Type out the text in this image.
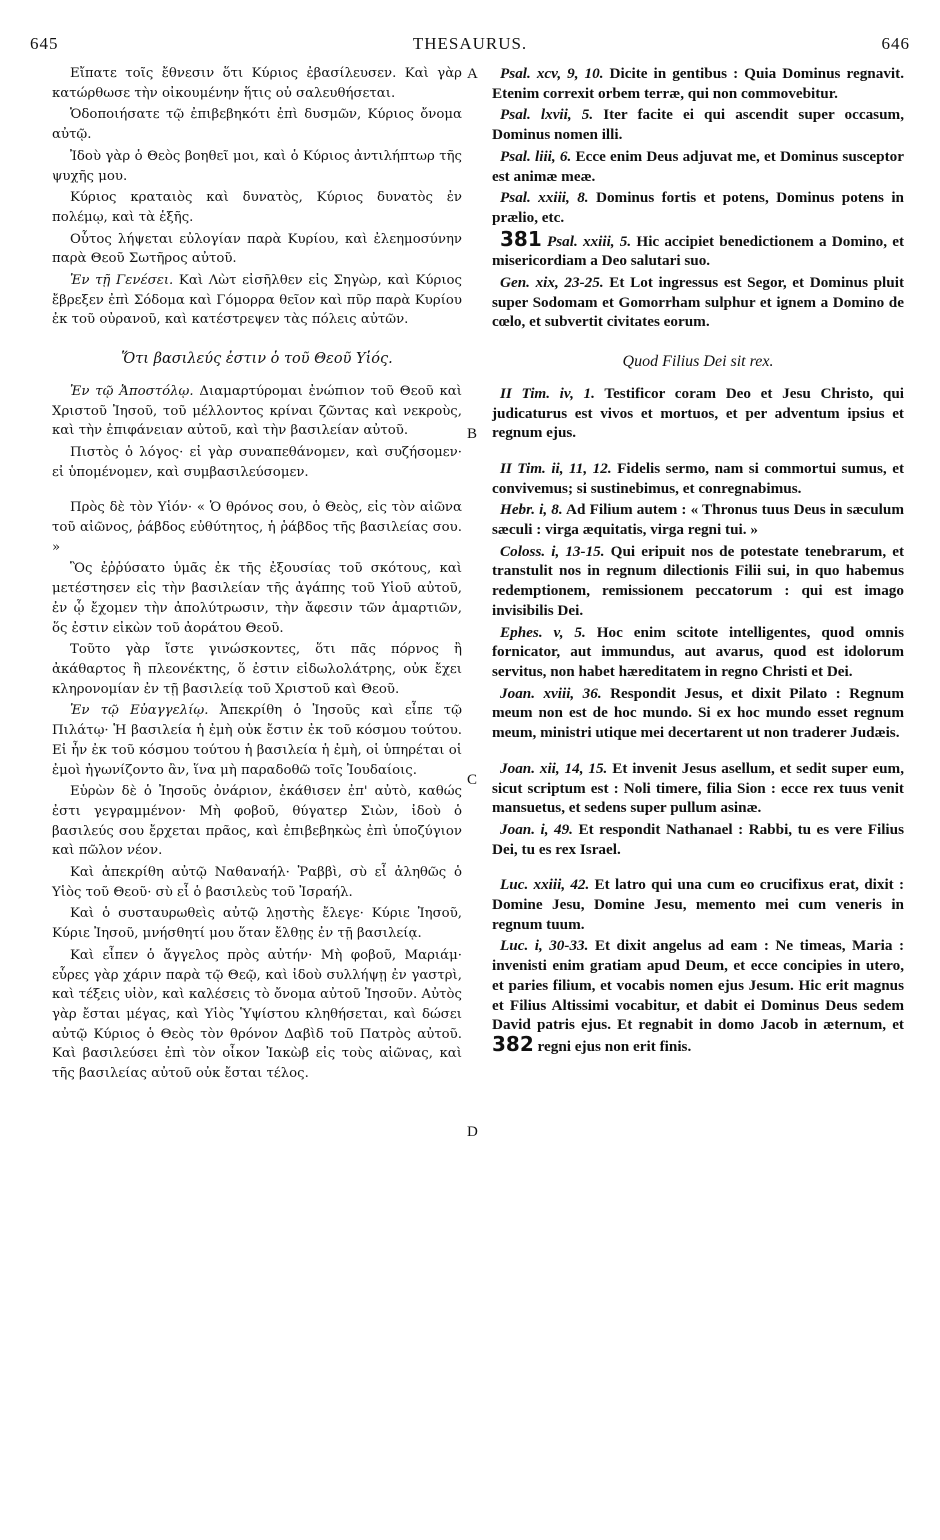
645	THESAURUS.	646
A
B
C
D

Εἴπατε τοῖς ἔθνεσιν ὅτι Κύριος ἐβασίλευσεν. Καὶ γὰρ κατώρθωσε τὴν οἰκουμένην ἥτις οὐ σαλευθήσεται.

Ὁδοποιήσατε τῷ ἐπιβεβηκότι ἐπὶ δυσμῶν, Κύριος ὄνομα αὐτῷ.

Ἰδοὺ γὰρ ὁ Θεὸς βοηθεῖ μοι, καὶ ὁ Κύριος ἀντιλήπτωρ τῆς ψυχῆς μου.

Κύριος κραταιὸς καὶ δυνατὸς, Κύριος δυνατὸς ἐν πολέμῳ, καὶ τὰ ἑξῆς.

Οὗτος λήψεται εὐλογίαν παρὰ Κυρίου, καὶ ἐλεημοσύνην παρὰ Θεοῦ Σωτῆρος αὐτοῦ.

Ἐν τῇ Γενέσει. Καὶ Λὼτ εἰσῆλθεν εἰς Σηγὼρ, καὶ Κύριος ἔβρεξεν ἐπὶ Σόδομα καὶ Γόμορρα θεῖον καὶ πῦρ παρὰ Κυρίου ἐκ τοῦ οὐρανοῦ, καὶ κατέστρεψεν τὰς πόλεις αὐτῶν.

Ὅτι βασιλεύς ἐστιν ὁ τοῦ Θεοῦ Υἱός.

Ἐν τῷ Ἀποστόλῳ. Διαμαρτύρομαι ἐνώπιον τοῦ Θεοῦ καὶ Χριστοῦ Ἰησοῦ, τοῦ μέλλοντος κρίναι ζῶντας καὶ νεκροὺς, καὶ τὴν ἐπιφάνειαν αὐτοῦ, καὶ τὴν βασιλείαν αὐτοῦ.

Πιστὸς ὁ λόγος· εἰ γὰρ συναπεθάνομεν, καὶ συζήσομεν· εἰ ὑπομένομεν, καὶ συμβασιλεύσομεν.

Πρὸς δὲ τὸν Υἱόν· « Ὁ θρόνος σου, ὁ Θεὸς, εἰς τὸν αἰῶνα τοῦ αἰῶνος, ῥάβδος εὐθύτητος, ἡ ῥάβδος τῆς βασιλείας σου. »

Ὃς ἐῤῥύσατο ὑμᾶς ἐκ τῆς ἐξουσίας τοῦ σκότους, καὶ μετέστησεν εἰς τὴν βασιλείαν τῆς ἀγάπης τοῦ Υἱοῦ αὐτοῦ, ἐν ᾧ ἔχομεν τὴν ἀπολύτρωσιν, τὴν ἄφεσιν τῶν ἁμαρτιῶν, ὅς ἐστιν εἰκὼν τοῦ ἀοράτου Θεοῦ.

Τοῦτο γὰρ ἴστε γινώσκοντες, ὅτι πᾶς πόρνος ἢ ἀκάθαρτος ἢ πλεονέκτης, ὅ ἐστιν εἰδωλολάτρης, οὐκ ἔχει κληρονομίαν ἐν τῇ βασιλείᾳ τοῦ Χριστοῦ καὶ Θεοῦ.

Ἐν τῷ Εὐαγγελίῳ. Ἀπεκρίθη ὁ Ἰησοῦς καὶ εἶπε τῷ Πιλάτῳ· Ἡ βασιλεία ἡ ἐμὴ οὐκ ἔστιν ἐκ τοῦ κόσμου τούτου. Εἰ ἦν ἐκ τοῦ κόσμου τούτου ἡ βασιλεία ἡ ἐμὴ, οἱ ὑπηρέται οἱ ἐμοὶ ἠγωνίζοντο ἂν, ἵνα μὴ παραδοθῶ τοῖς Ἰουδαίοις.

Εὑρὼν δὲ ὁ Ἰησοῦς ὀνάριον, ἐκάθισεν ἐπ' αὐτὸ, καθώς ἐστι γεγραμμένον· Μὴ φοβοῦ, θύγατερ Σιὼν, ἰδοὺ ὁ βασιλεύς σου ἔρχεται πρᾶος, καὶ ἐπιβεβηκὼς ἐπὶ ὑποζύγιον καὶ πῶλον νέον.

Καὶ ἀπεκρίθη αὐτῷ Ναθαναήλ· Ῥαββὶ, σὺ εἶ ἀληθῶς ὁ Υἱὸς τοῦ Θεοῦ· σὺ εἶ ὁ βασιλεὺς τοῦ Ἰσραήλ.

Καὶ ὁ συσταυρωθεὶς αὐτῷ λῃστὴς ἔλεγε· Κύριε Ἰησοῦ, Κύριε Ἰησοῦ, μνήσθητί μου ὅταν ἔλθῃς ἐν τῇ βασιλείᾳ.

Καὶ εἶπεν ὁ ἄγγελος πρὸς αὐτήν· Μὴ φοβοῦ, Μαριάμ· εὗρες γὰρ χάριν παρὰ τῷ Θεῷ, καὶ ἰδοὺ συλλήψῃ ἐν γαστρὶ, καὶ τέξεις υἱὸν, καὶ καλέσεις τὸ ὄνομα αὐτοῦ Ἰησοῦν. Αὐτὸς γὰρ ἔσται μέγας, καὶ Υἱὸς Ὑψίστου κληθήσεται, καὶ δώσει αὐτῷ Κύριος ὁ Θεὸς τὸν θρόνον Δαβὶδ τοῦ Πατρὸς αὐτοῦ. Καὶ βασιλεύσει ἐπὶ τὸν οἶκον Ἰακὼβ εἰς τοὺς αἰῶνας, καὶ τῆς βασιλείας αὐτοῦ οὐκ ἔσται τέλος.

Psal. xcv, 9, 10. Dicite in gentibus : Quia Dominus regnavit. Etenim correxit orbem terræ, qui non commovebitur.

Psal. lxvii, 5. Iter facite ei qui ascendit super occasum, Dominus nomen illi.

Psal. liii, 6. Ecce enim Deus adjuvat me, et Dominus susceptor est animæ meæ.

Psal. xxiii, 8. Dominus fortis et potens, Dominus potens in prælio, etc.

381 Psal. xxiii, 5. Hic accipiet benedictionem a Domino, et misericordiam a Deo salutari suo.

Gen. xix, 23-25. Et Lot ingressus est Segor, et Dominus pluit super Sodomam et Gomorrham sulphur et ignem a Domino de cœlo, et subvertit civitates eorum.

Quod Filius Dei sit rex.

II Tim. iv, 1. Testificor coram Deo et Jesu Christo, qui judicaturus est vivos et mortuos, et per adventum ipsius et regnum ejus.

II Tim. ii, 11, 12. Fidelis sermo, nam si commortui sumus, et convivemus; si sustinebimus, et conregnabimus.

Hebr. i, 8. Ad Filium autem : « Thronus tuus Deus in sæculum sæculi : virga æquitatis, virga regni tui. »

Coloss. i, 13-15. Qui eripuit nos de potestate tenebrarum, et transtulit nos in regnum dilectionis Filii sui, in quo habemus redemptionem, remissionem peccatorum : qui est imago invisibilis Dei.

Ephes. v, 5. Hoc enim scitote intelligentes, quod omnis fornicator, aut immundus, aut avarus, quod est idolorum servitus, non habet hæreditatem in regno Christi et Dei.

Joan. xviii, 36. Respondit Jesus, et dixit Pilato : Regnum meum non est de hoc mundo. Si ex hoc mundo esset regnum meum, ministri utique mei decertarent ut non traderer Judæis.

Joan. xii, 14, 15. Et invenit Jesus asellum, et sedit super eum, sicut scriptum est : Noli timere, filia Sion : ecce rex tuus venit mansuetus, et sedens super pullum asinæ.

Joan. i, 49. Et respondit Nathanael : Rabbi, tu es vere Filius Dei, tu es rex Israel.

Luc. xxiii, 42. Et latro qui una cum eo crucifixus erat, dixit : Domine Jesu, Domine Jesu, memento mei cum veneris in regnum tuum.

Luc. i, 30-33. Et dixit angelus ad eam : Ne timeas, Maria : invenisti enim gratiam apud Deum, et ecce concipies in utero, et paries filium, et vocabis nomen ejus Jesum. Hic erit magnus et Filius Altissimi vocabitur, et dabit ei Dominus Deus sedem David patris ejus. Et regnabit in domo Jacob in æternum, et 382 regni ejus non erit finis.
